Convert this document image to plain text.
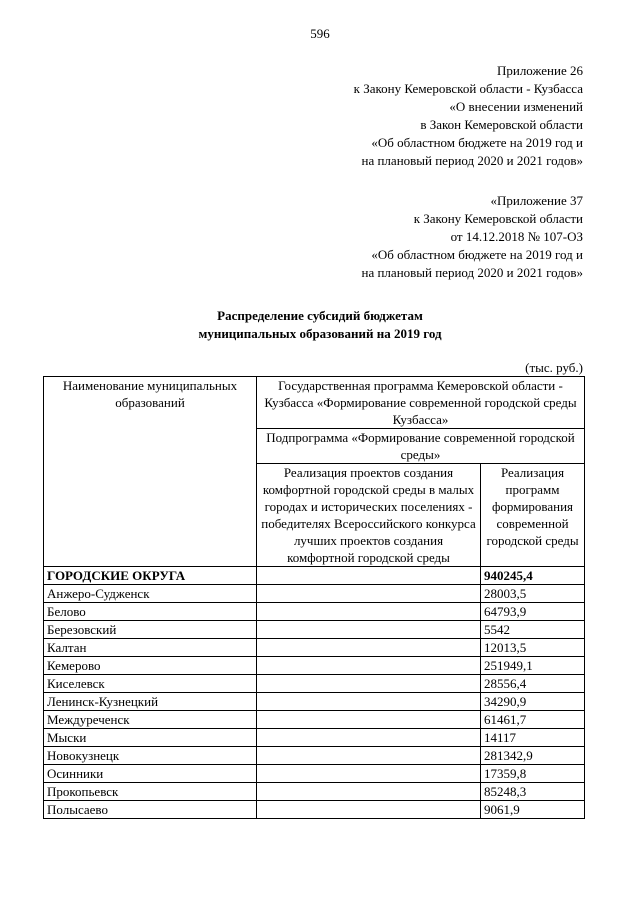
596
Приложение 26
к Закону Кемеровской области - Кузбасса
«О внесении изменений
в Закон Кемеровской области
«Об областном бюджете на 2019 год и
на плановый период 2020 и 2021 годов»
«Приложение 37
к Закону Кемеровской области
от 14.12.2018 № 107-ОЗ
«Об областном бюджете на 2019 год и
на плановый период 2020 и 2021 годов»
Распределение субсидий бюджетам
муниципальных образований на 2019 год
(тыс. руб.)
Наименование муниципальных образований	Государственная программа Кемеровской области - Кузбасса «Формирование современной городской среды Кузбасса»	
	Подпрограмма «Формирование современной городской среды»	
	Реализация проектов создания комфортной городской среды в малых городах и исторических поселениях - победителях Всероссийского конкурса лучших проектов создания комфортной городской среды	Реализация программ формирования современной городской среды
ГОРОДСКИЕ ОКРУГА		940245,4
Анжеро-Судженск		28003,5
Белово		64793,9
Березовский		5542
Калтан		12013,5
Кемерово		251949,1
Киселевск		28556,4
Ленинск-Кузнецкий		34290,9
Междуреченск		61461,7
Мыски		14117
Новокузнецк		281342,9
Осинники		17359,8
Прокопьевск		85248,3
Полысаево		9061,9
